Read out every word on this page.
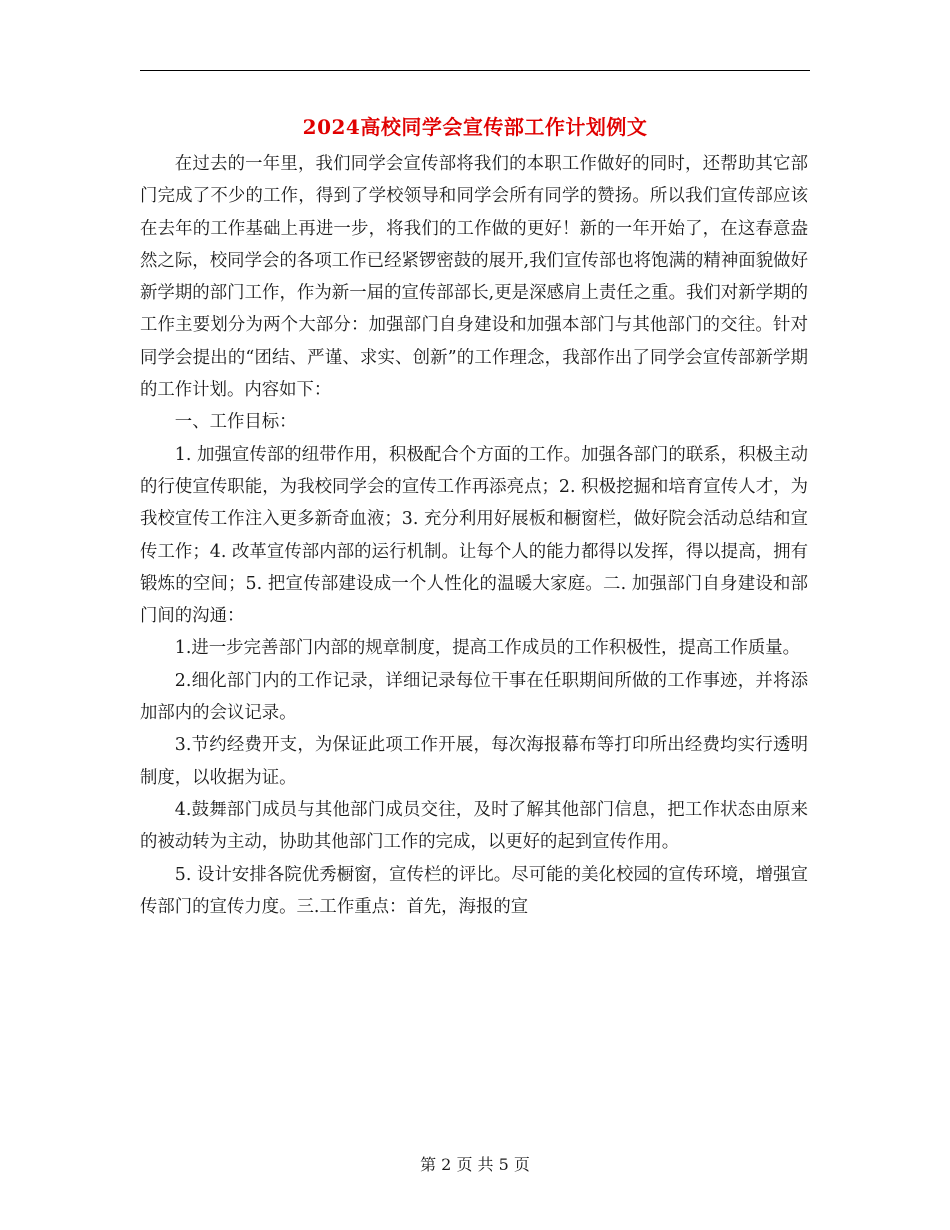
2024高校同学会宣传部工作计划例文

在过去的一年里，我们同学会宣传部将我们的本职工作做好的同时，还帮助其它部门完成了不少的工作，得到了学校领导和同学会所有同学的赞扬。所以我们宣传部应该在去年的工作基础上再进一步，将我们的工作做的更好！新的一年开始了，在这春意盎然之际，校同学会的各项工作已经紧锣密鼓的展开,我们宣传部也将饱满的精神面貌做好新学期的部门工作，作为新一届的宣传部部长,更是深感肩上责任之重。我们对新学期的工作主要划分为两个大部分：加强部门自身建设和加强本部门与其他部门的交往。针对同学会提出的“团结、严谨、求实、创新”的工作理念，我部作出了同学会宣传部新学期的工作计划。内容如下：

一、工作目标：

1. 加强宣传部的纽带作用，积极配合个方面的工作。加强各部门的联系，积极主动的行使宣传职能，为我校同学会的宣传工作再添亮点；2. 积极挖掘和培育宣传人才，为我校宣传工作注入更多新奇血液；3. 充分利用好展板和橱窗栏，做好院会活动总结和宣传工作；4. 改革宣传部内部的运行机制。让每个人的能力都得以发挥，得以提高，拥有锻炼的空间；5. 把宣传部建设成一个人性化的温暖大家庭。二. 加强部门自身建设和部门间的沟通：

1.进一步完善部门内部的规章制度，提高工作成员的工作积极性，提高工作质量。

2.细化部门内的工作记录，详细记录每位干事在任职期间所做的工作事迹，并将添加部内的会议记录。

3.节约经费开支，为保证此项工作开展，每次海报幕布等打印所出经费均实行透明制度，以收据为证。

4.鼓舞部门成员与其他部门成员交往，及时了解其他部门信息，把工作状态由原来的被动转为主动，协助其他部门工作的完成，以更好的起到宣传作用。

5. 设计安排各院优秀橱窗，宣传栏的评比。尽可能的美化校园的宣传环境，增强宣传部门的宣传力度。三.工作重点：首先，海报的宣

第 2 页 共 5 页
